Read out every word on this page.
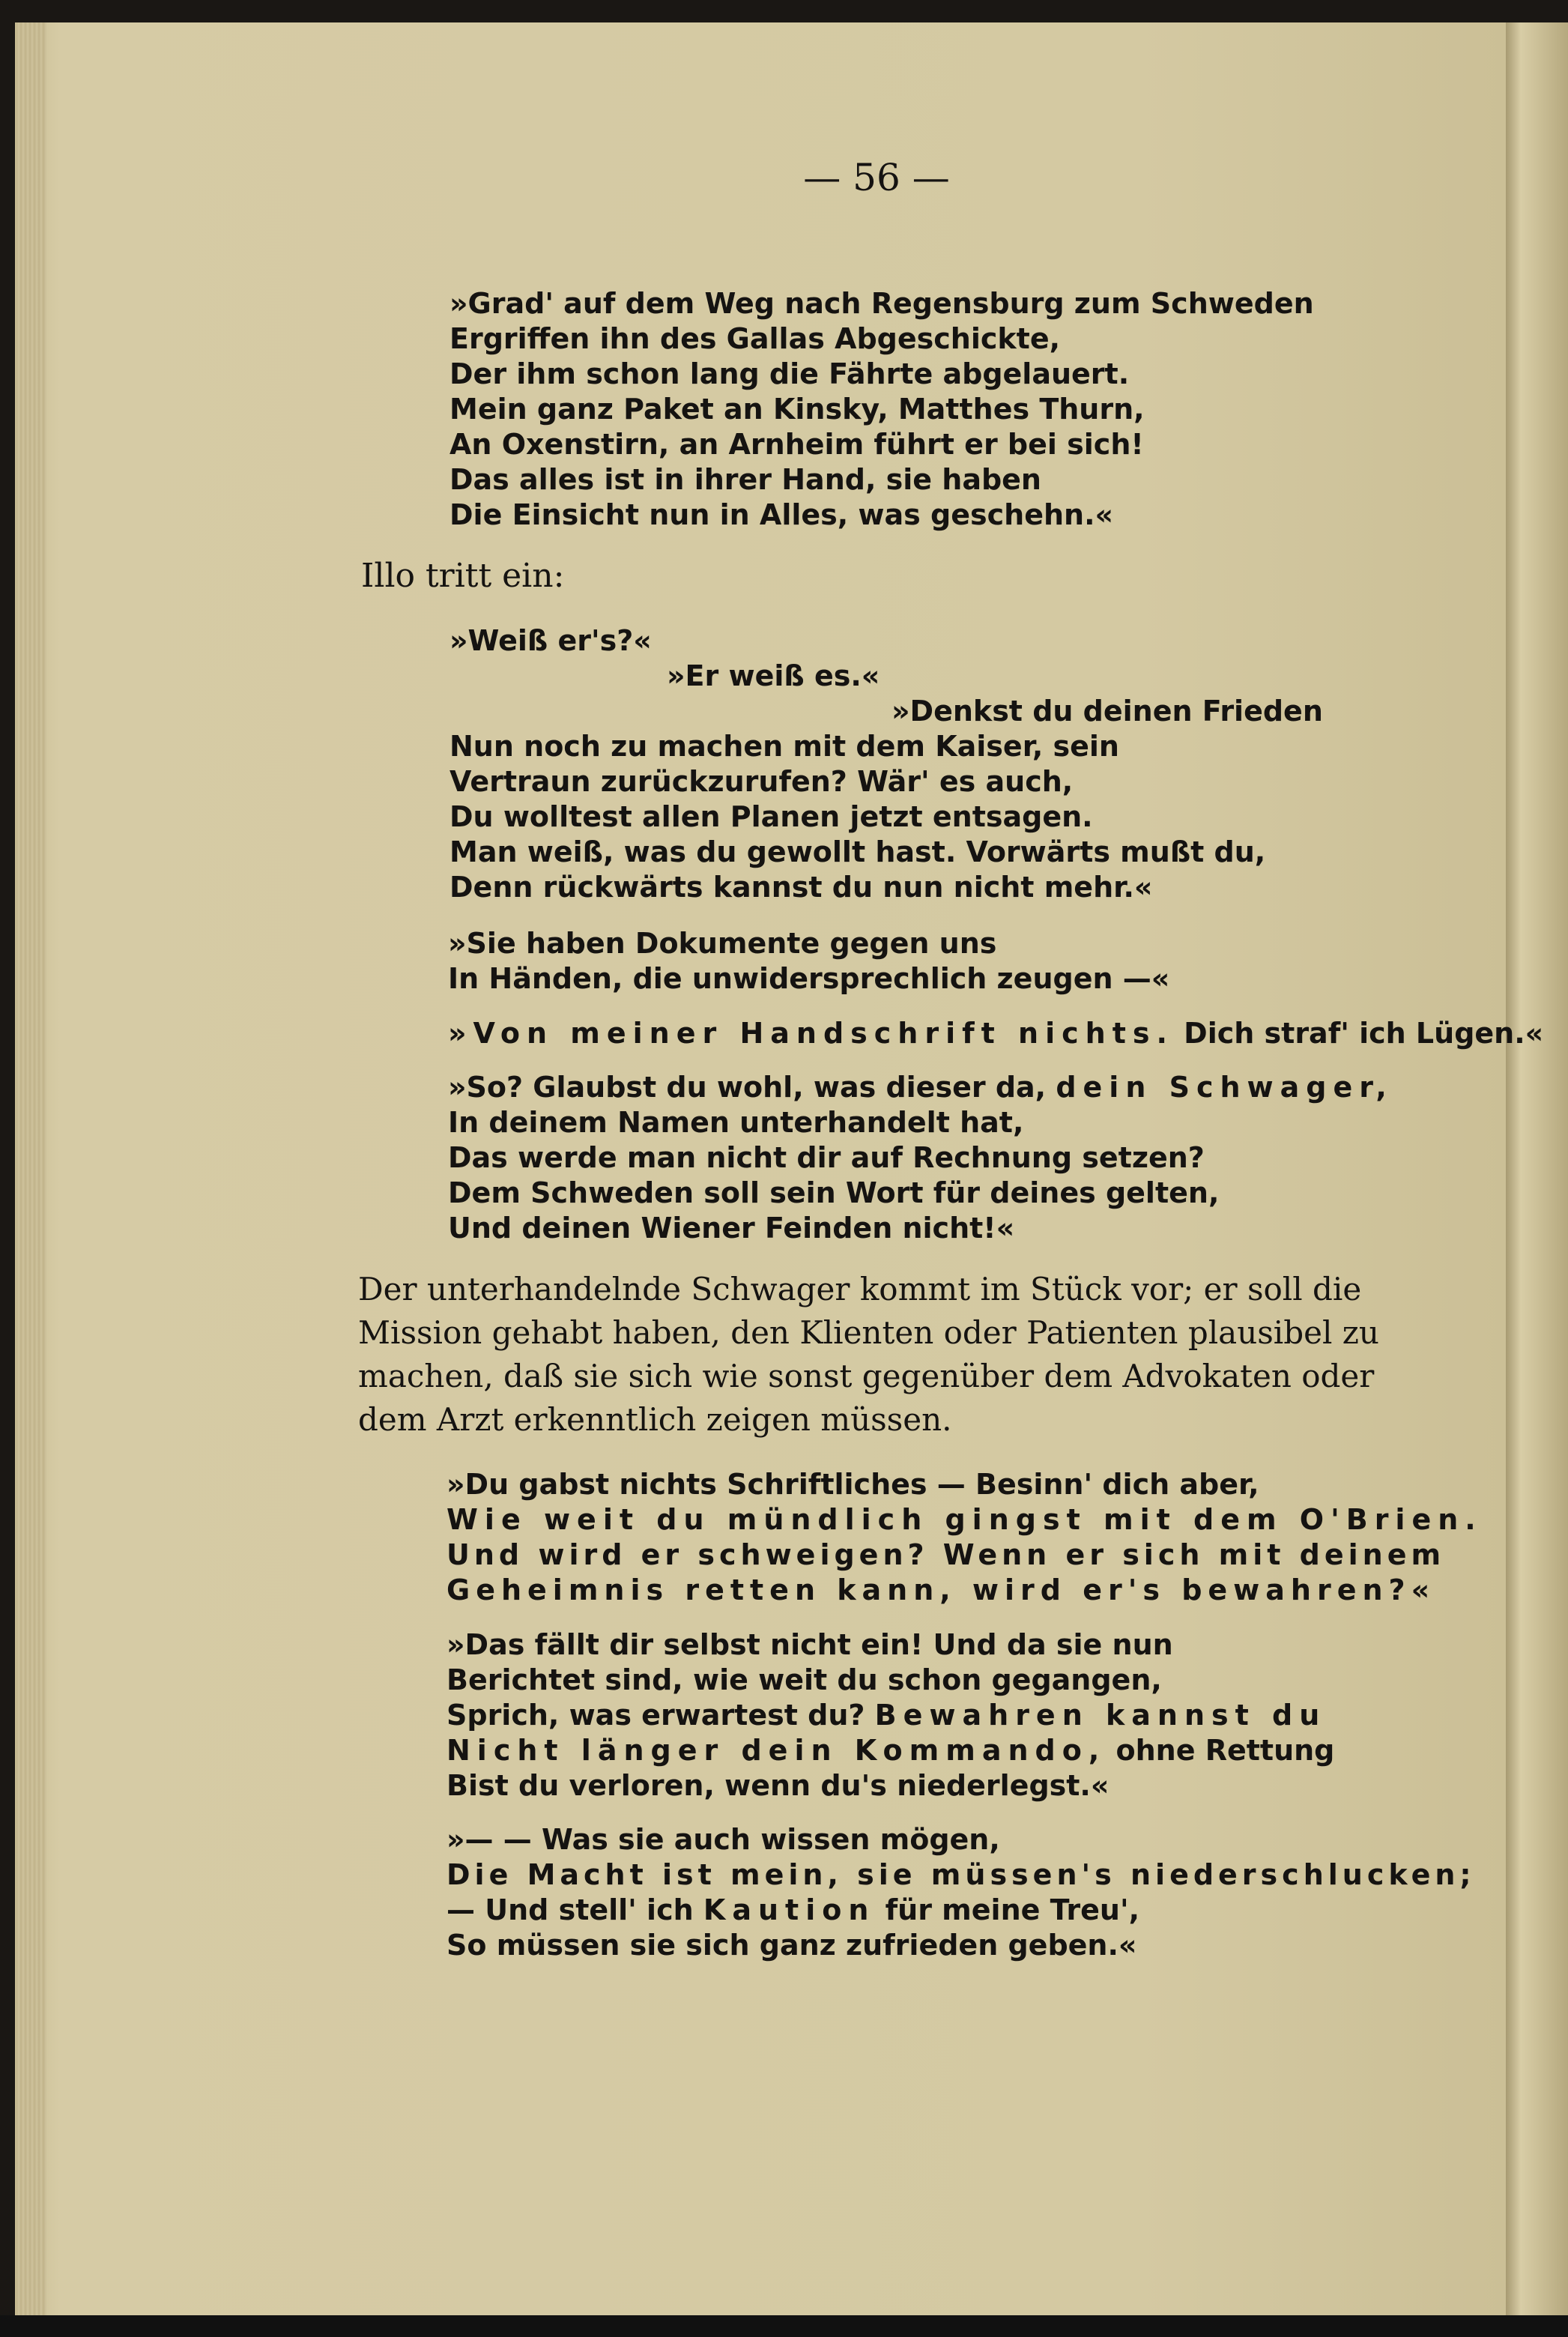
— 56 —
»Grad' auf dem Weg nach Regensburg zum Schweden
Ergriffen ihn des Gallas Abgeschickte,
Der ihm schon lang die Fährte abgelauert.
Mein ganz Paket an Kinsky, Matthes Thurn,
An Oxenstirn, an Arnheim führt er bei sich!
Das alles ist in ihrer Hand, sie haben
Die Einsicht nun in Alles, was geschehn.«
Illo tritt ein:
»Weiß er's?«
»Er weiß es.«
»Denkst du deinen Frieden
Nun noch zu machen mit dem Kaiser, sein
Vertraun zurückzurufen? Wär' es auch,
Du wolltest allen Planen jetzt entsagen.
Man weiß, was du gewollt hast. Vorwärts mußt du,
Denn rückwärts kannst du nun nicht mehr.«
»Sie haben Dokumente gegen uns
In Händen, die unwidersprechlich zeugen —«
»Von meiner Handschrift nichts. Dich straf' ich Lügen.«
»So? Glaubst du wohl, was dieser da, dein Schwager,
In deinem Namen unterhandelt hat,
Das werde man nicht dir auf Rechnung setzen?
Dem Schweden soll sein Wort für deines gelten,
Und deinen Wiener Feinden nicht!«
Der unterhandelnde Schwager kommt im Stück vor; er soll die
Mission gehabt haben, den Klienten oder Patienten plausibel zu
machen, daß sie sich wie sonst gegenüber dem Advokaten oder
dem Arzt erkenntlich zeigen müssen.
»Du gabst nichts Schriftliches — Besinn' dich aber,
Wie weit du mündlich gingst mit dem O'Brien.
Und wird er schweigen? Wenn er sich mit deinem
Geheimnis retten kann, wird er's bewahren?«
»Das fällt dir selbst nicht ein! Und da sie nun
Berichtet sind, wie weit du schon gegangen,
Sprich, was erwartest du? Bewahren kannst du
Nicht länger dein Kommando, ohne Rettung
Bist du verloren, wenn du's niederlegst.«
»— — Was sie auch wissen mögen,
Die Macht ist mein, sie müssen's niederschlucken;
— Und stell' ich Kaution für meine Treu',
So müssen sie sich ganz zufrieden geben.«
